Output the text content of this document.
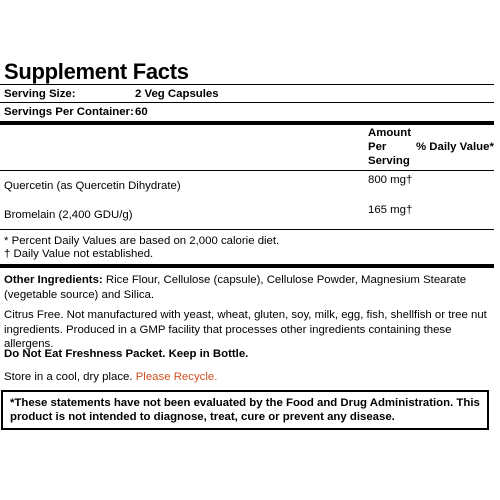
Supplement Facts
Serving Size:	2 Veg Capsules
Servings Per Container: 60
Amount
Per
Serving
% Daily Value*
Quercetin (as Quercetin Dihydrate)	800 mg†
Bromelain (2,400 GDU/g)	165 mg†
* Percent Daily Values are based on 2,000 calorie diet.
† Daily Value not established.
Other Ingredients: Rice Flour, Cellulose (capsule), Cellulose Powder, Magnesium Stearate (vegetable source) and Silica.
Citrus Free. Not manufactured with yeast, wheat, gluten, soy, milk, egg, fish, shellfish or tree nut ingredients. Produced in a GMP facility that processes other ingredients containing these allergens.
Do Not Eat Freshness Packet. Keep in Bottle.
Store in a cool, dry place. Please Recycle.
*These statements have not been evaluated by the Food and Drug Administration. This product is not intended to diagnose, treat, cure or prevent any disease.
